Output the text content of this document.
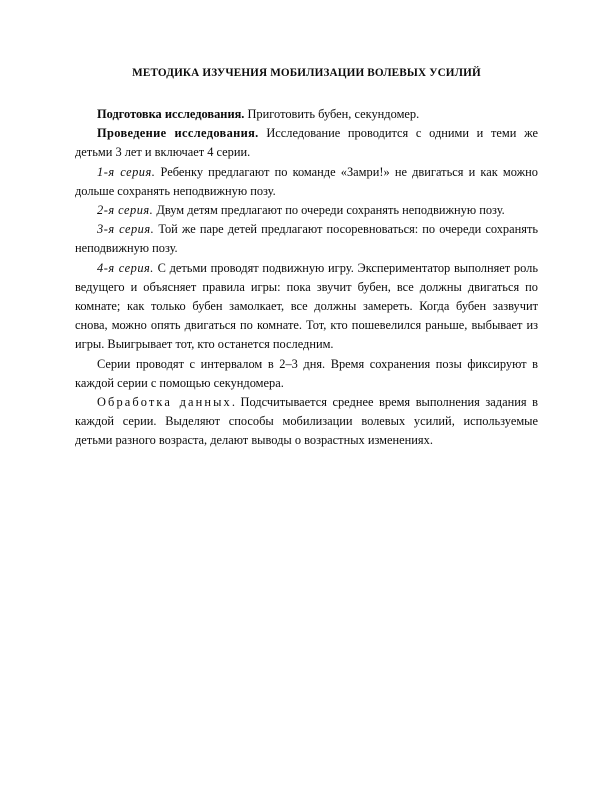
МЕТОДИКА ИЗУЧЕНИЯ МОБИЛИЗАЦИИ ВОЛЕВЫХ УСИЛИЙ

Подготовка исследования. Приготовить бубен, секундомер.

Проведение исследования. Исследование проводится с одними и теми же детьми 3 лет и включает 4 серии.

1-я серия. Ребенку предлагают по команде «Замри!» не двигаться и как можно дольше сохранять неподвижную позу.

2-я серия. Двум детям предлагают по очереди сохранять неподвижную позу.

3-я серия. Той же паре детей предлагают посоревноваться: по очереди сохранять неподвижную позу.

4-я серия. С детьми проводят подвижную игру. Экспериментатор выполняет роль ведущего и объясняет правила игры: пока звучит бубен, все должны двигаться по комнате; как только бубен замолкает, все должны замереть. Когда бубен зазвучит снова, можно опять двигаться по комнате. Тот, кто пошевелился раньше, выбывает из игры. Выигрывает тот, кто останется последним.

Серии проводят с интервалом в 2–3 дня. Время сохранения позы фиксируют в каждой серии с помощью секундомера.

Обработка данных. Подсчитывается среднее время выполнения задания в каждой серии. Выделяют способы мобилизации волевых усилий, используемые детьми разного возраста, делают выводы о возрастных изменениях.
